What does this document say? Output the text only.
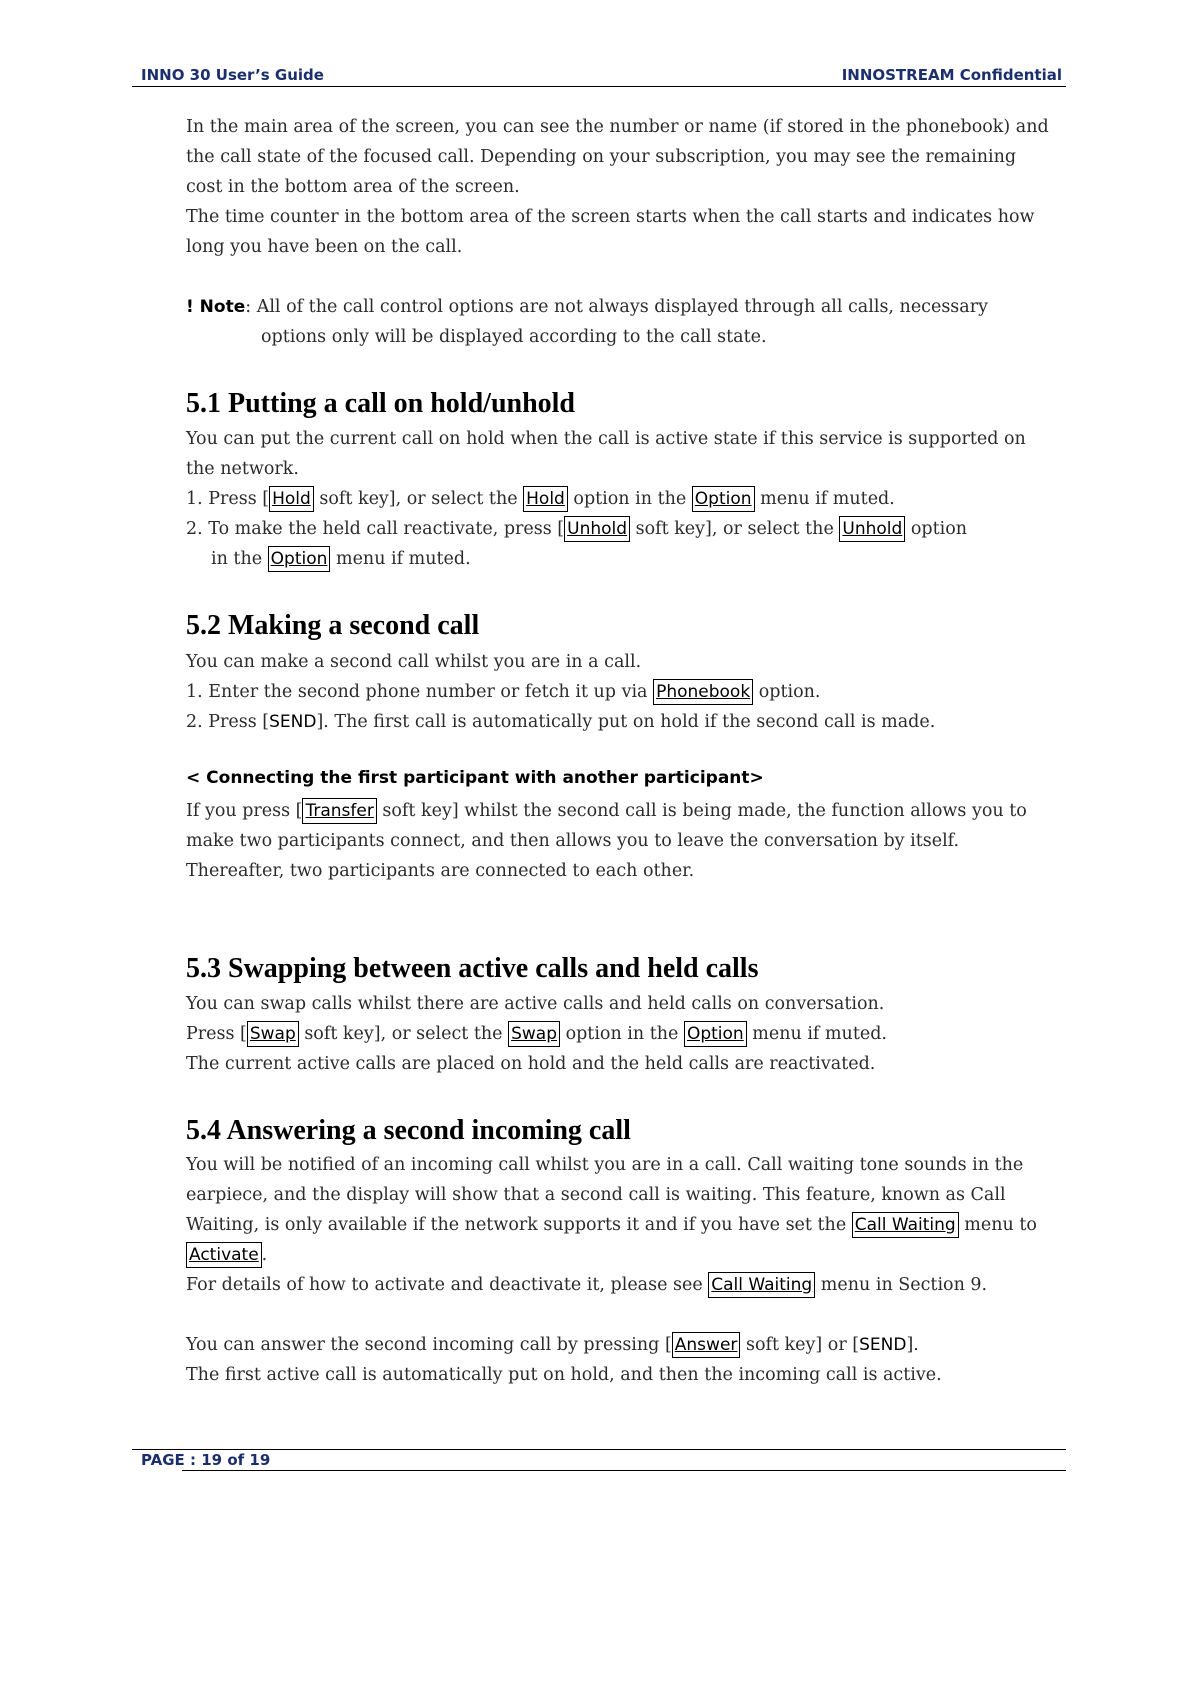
INNO 30 User’s Guide	INNOSTREAM Confidential
In the main area of the screen, you can see the number or name (if stored in the phonebook) and
the call state of the focused call. Depending on your subscription, you may see the remaining
cost in the bottom area of the screen.
The time counter in the bottom area of the screen starts when the call starts and indicates how
long you have been on the call.
! Note: All of the call control options are not always displayed through all calls, necessary
options only will be displayed according to the call state.
5.1 Putting a call on hold/unhold
You can put the current call on hold when the call is active state if this service is supported on
the network.
1. Press [ Hold soft key], or select the Hold option in the Option menu if muted.
2. To make the held call reactivate, press [ Unhold soft key], or select the Unhold option
in the Option menu if muted.
5.2 Making a second call
You can make a second call whilst you are in a call.
1. Enter the second phone number or fetch it up via Phonebook option.
2. Press [SEND]. The first call is automatically put on hold if the second call is made.
< Connecting the first participant with another participant>
If you press [ Transfer soft key] whilst the second call is being made, the function allows you to
make two participants connect, and then allows you to leave the conversation by itself.
Thereafter, two participants are connected to each other.
5.3 Swapping between active calls and held calls
You can swap calls whilst there are active calls and held calls on conversation.
Press [ Swap soft key], or select the Swap option in the Option menu if muted.
The current active calls are placed on hold and the held calls are reactivated.
5.4 Answering a second incoming call
You will be notified of an incoming call whilst you are in a call. Call waiting tone sounds in the
earpiece, and the display will show that a second call is waiting. This feature, known as Call
Waiting, is only available if the network supports it and if you have set the Call Waiting menu to
Activate .
For details of how to activate and deactivate it, please see Call Waiting menu in Section 9.
You can answer the second incoming call by pressing [ Answer soft key] or [SEND].
The first active call is automatically put on hold, and then the incoming call is active.
PAGE : 19 of 19
